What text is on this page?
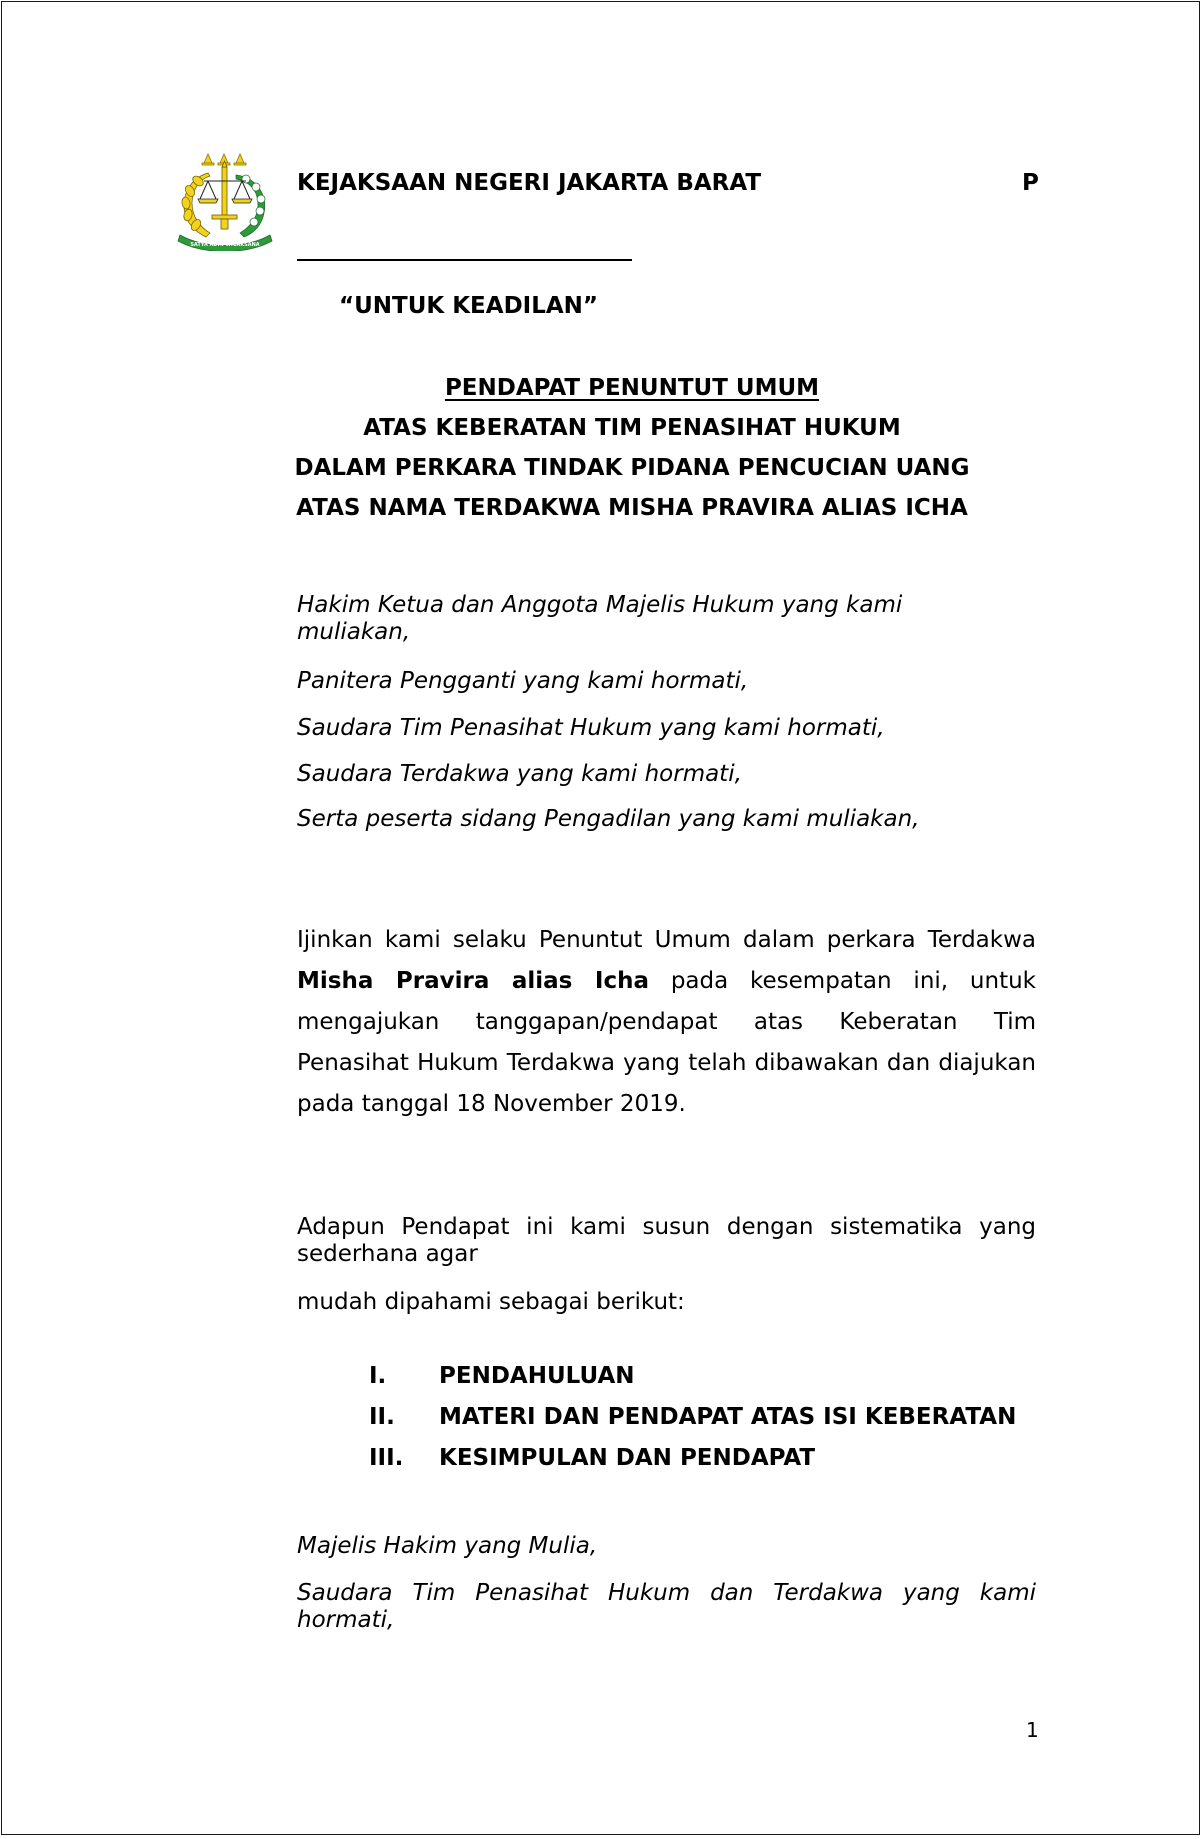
SATYA ADHI WICAKSANA
KEJAKSAAN NEGERI JAKARTA BARAT	P
“UNTUK KEADILAN”
PENDAPAT PENUNTUT UMUM
ATAS KEBERATAN TIM PENASIHAT HUKUM
DALAM PERKARA TINDAK PIDANA PENCUCIAN UANG
ATAS NAMA TERDAKWA MISHA PRAVIRA ALIAS ICHA
Hakim Ketua dan Anggota Majelis Hukum yang kami muliakan,
Panitera Pengganti yang kami hormati,
Saudara Tim Penasihat Hukum yang kami hormati,
Saudara Terdakwa yang kami hormati,
Serta peserta sidang Pengadilan yang kami muliakan,
Ijinkan kami selaku Penuntut Umum dalam perkara Terdakwa Misha Pravira alias Icha pada kesempatan ini, untuk mengajukan tanggapan/pendapat atas Keberatan Tim Penasihat Hukum Terdakwa yang telah dibawakan dan diajukan pada tanggal 18 November 2019.
Adapun Pendapat ini kami susun dengan sistematika yang sederhana agar
mudah dipahami sebagai berikut:
I. PENDAHULUAN
II. MATERI DAN PENDAPAT ATAS ISI KEBERATAN
III. KESIMPULAN DAN PENDAPAT
Majelis Hakim yang Mulia,
Saudara Tim Penasihat Hukum dan Terdakwa yang kami hormati,
1
